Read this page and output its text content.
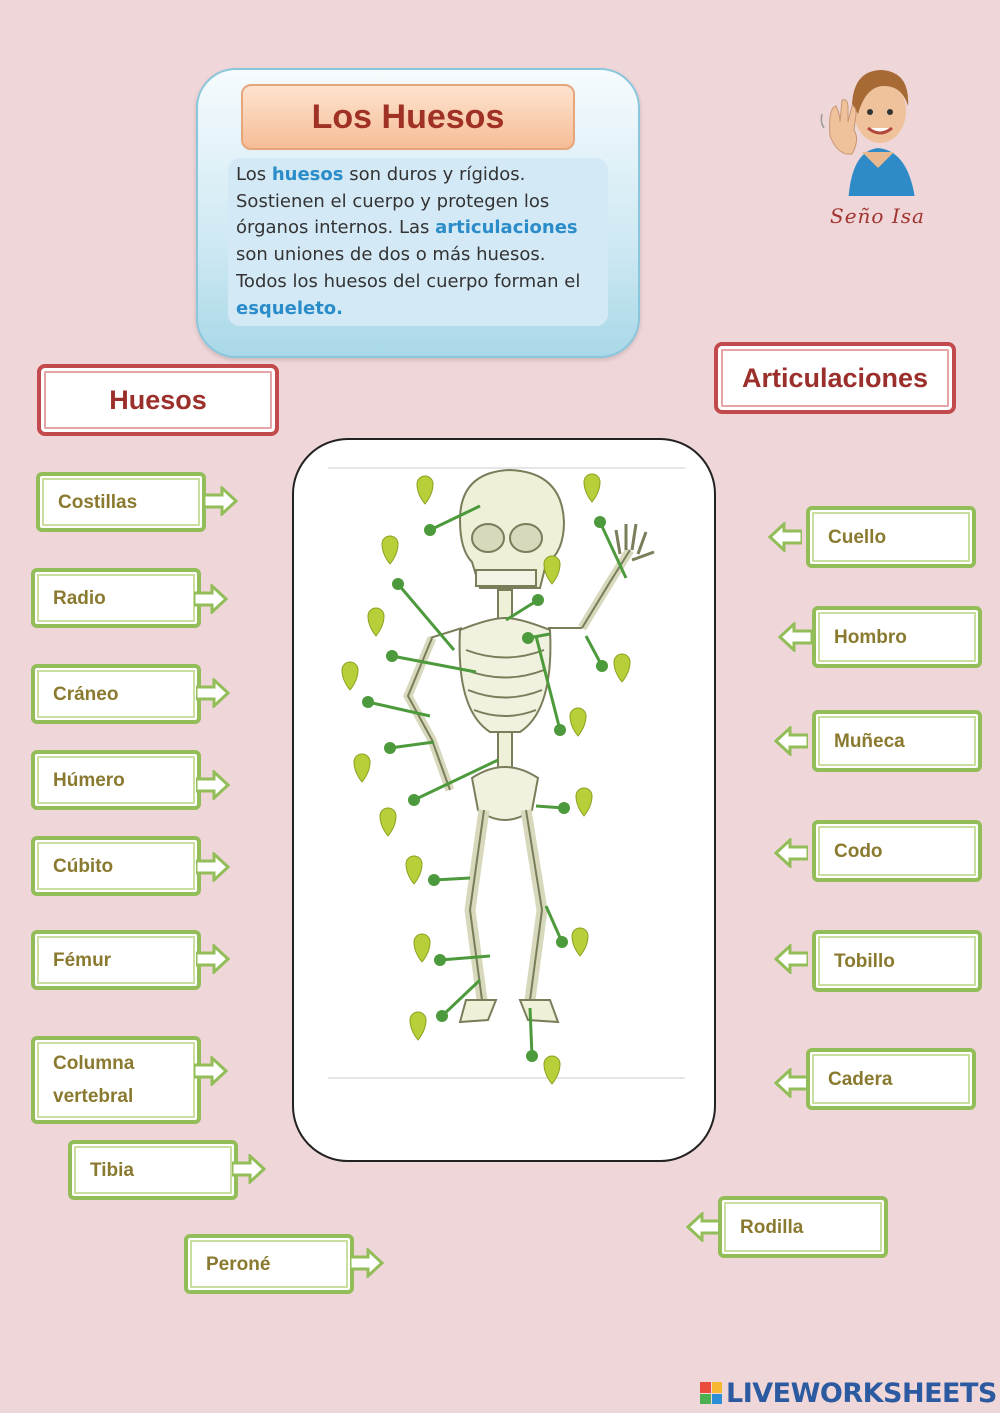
Los Huesos
Los huesos son duros y rígidos. Sostienen el cuerpo y protegen los órganos internos. Las articulaciones son uniones de dos o más huesos. Todos los huesos del cuerpo forman el esqueleto.
Seño Isa
Huesos
Articulaciones
Costillas
Radio
Cráneo
Húmero
Cúbito
Fémur
Columna vertebral
Tibia
Peroné
Cuello
Hombro
Muñeca
Codo
Tobillo
Cadera
Rodilla
LIVEWORKSHEETS
